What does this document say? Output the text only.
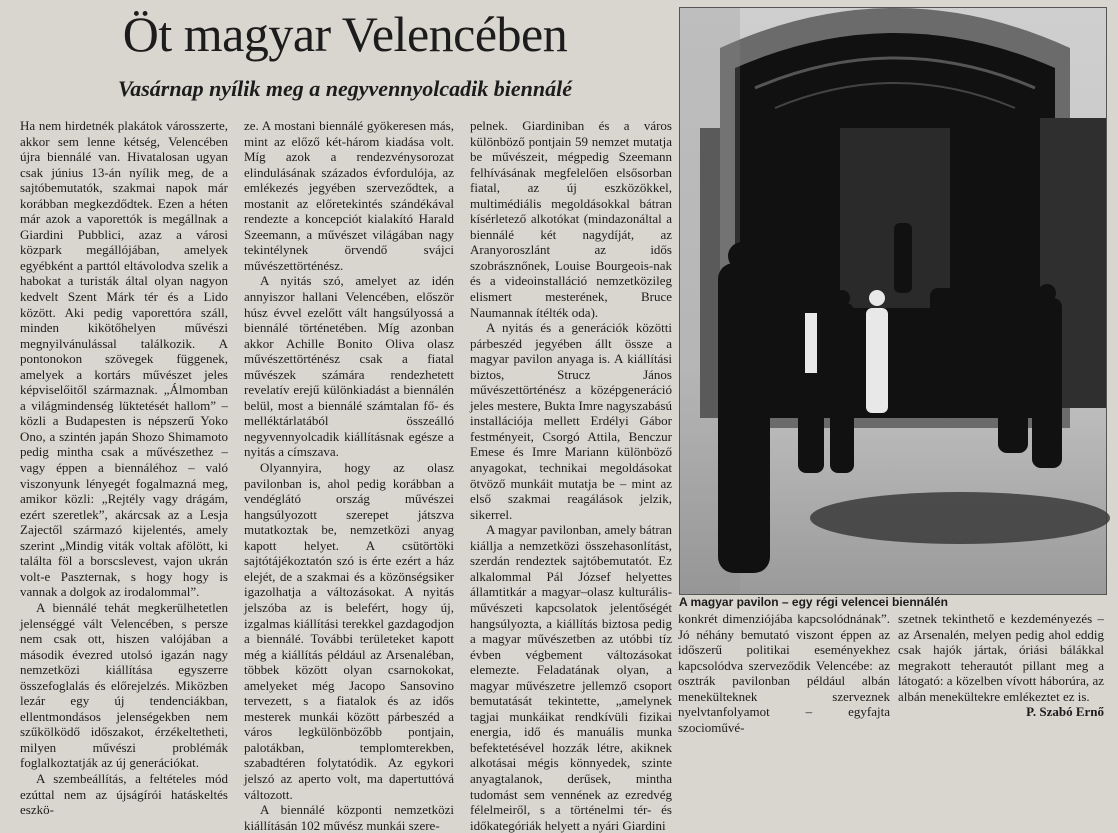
Öt magyar Velencében
Vasárnap nyílik meg a negyvennyolcadik biennálé

Ha nem hirdetnék plakátok városszerte, akkor sem lenne kétség, Velencében újra biennálé van. Hivatalosan ugyan csak június 13-án nyílik meg, de a sajtóbemutatók, szakmai napok már korábban megkezdődtek. Ezen a héten már azok a vaporettók is megállnak a Giardini Pubblici, azaz a városi közpark megállójában, amelyek egyébként a parttól eltávolodva szelik a habokat a turisták által olyan nagyon kedvelt Szent Márk tér és a Lido között. Aki pedig vaporettóra száll, minden kikötőhelyen művészi megnyilvánulással találkozik. A pontonokon szövegek függenek, amelyek a kortárs művészet jeles képviselőitől származnak. „Álmomban a világmindenség lüktetését hallom” – közli a Budapesten is népszerű Yoko Ono, a szintén japán Shozo Shimamoto pedig mintha csak a művészethez – vagy éppen a biennáléhoz – való viszonyunk lényegét fogalmazná meg, amikor közli: „Rejtély vagy drágám, ezért szeretlek”, akárcsak az a Lesja Zajectől származó kijelentés, amely szerint „Mindig viták voltak afölött, ki találta föl a borscslevest, vajon ukrán volt-e Paszternak, s hogy hogy is vannak a dolgok az irodalommal”.

A biennálé tehát megkerülhetetlen jelenséggé vált Velencében, s persze nem csak ott, hiszen valójában a második évezred utolsó igazán nagy nemzetközi kiállítása egyszerre összefoglalás és előrejelzés. Miközben lezár egy új tendenciákban, ellentmondásos jelenségekben nem szűkölködő időszakot, érzékeltetheti, milyen művészi problémák foglalkoztatják az új generációkat.

A szembeállítás, a feltételes mód ezúttal nem az újságírói hatáskeltés eszkö-

ze. A mostani biennálé gyökeresen más, mint az előző két-három kiadása volt. Míg azok a rendezvénysorozat elindulásának százados évfordulója, az emlékezés jegyében szerveződtek, a mostanit az előretekintés szándékával rendezte a koncepciót kialakító Harald Szeemann, a művészet világában nagy tekintélynek örvendő svájci művészettörténész.

A nyitás szó, amelyet az idén annyiszor hallani Velencében, először húsz évvel ezelőtt vált hangsúlyossá a biennálé történetében. Míg azonban akkor Achille Bonito Oliva olasz művészettörténész csak a fiatal művészek számára rendezhetett revelatív erejű különkiadást a biennálén belül, most a biennálé számtalan fő- és melléktárlatából összeálló negyvennyolcadik kiállításnak egésze a nyitás a címszava.

Olyannyira, hogy az olasz pavilonban is, ahol pedig korábban a vendéglátó ország művészei hangsúlyozott szerepet játszva mutatkoztak be, nemzetközi anyag kapott helyet. A csütörtöki sajtótájékoztatón szó is érte ezért a ház elejét, de a szakmai és a közönségsiker igazolhatja a változásokat. A nyitás jelszóba az is belefért, hogy új, izgalmas kiállítási terekkel gazdagodjon a biennálé. További területeket kapott még a kiállítás például az Arsenaléban, többek között olyan csarnokokat, amelyeket még Jacopo Sansovino tervezett, s a fiatalok és az idős mesterek munkái között párbeszéd a város legkülönbözőbb pontjain, palotákban, templomterekben, szabadtéren folytatódik. Az egykori jelszó az aperto volt, ma dapertuttóvá változott.

A biennálé központi nemzetközi kiállításán 102 művész munkái szere-

pelnek. Giardiniban és a város különböző pontjain 59 nemzet mutatja be művészeit, mégpedig Szeemann felhívásának megfelelően elsősorban fiatal, az új eszközökkel, multimédiális megoldásokkal bátran kísérletező alkotókat (mindazonáltal a biennálé két nagydíját, az Aranyoroszlánt az idős szobrásznőnek, Louise Bourgeois-nak és a videoinstalláció nemzetközileg elismert mesterének, Bruce Naumannak ítélték oda).

A nyitás és a generációk közötti párbeszéd jegyében állt össze a magyar pavilon anyaga is. A kiállítási biztos, Strucz János művészettörténész a középgeneráció jeles mestere, Bukta Imre nagyszabású installációja mellett Erdélyi Gábor festményeit, Csorgó Attila, Benczur Emese és Imre Mariann különböző anyagokat, technikai megoldásokat ötvöző munkáit mutatja be – mint az első szakmai reagálások jelzik, sikerrel.

A magyar pavilonban, amely bátran kiállja a nemzetközi összehasonlítást, szerdán rendeztek sajtóbemutatót. Ez alkalommal Pál József helyettes államtitkár a magyar–olasz kulturális-művészeti kapcsolatok jelentőségét hangsúlyozta, a kiállítás biztosa pedig a magyar művészetben az utóbbi tíz évben végbement változásokat elemezte. Feladatának olyan, a magyar művészetre jellemző csoport bemutatását tekintette, „amelynek tagjai munkáikat rendkívüli fizikai energia, idő és manuális munka befektetésével hozzák létre, akiknek alkotásai mégis könnyedek, szinte anyagtalanok, derűsek, mintha tudomást sem vennének az ezredvég félelmeiről, s a történelmi tér- és időkategóriák helyett a nyári Giardini

A magyar pavilon – egy régi velencei biennálén

konkrét dimenziójába kapcsolódnának”. Jó néhány bemutató viszont éppen az időszerű politikai eseményekhez kapcsolódva szerveződik Velencébe: az osztrák pavilonban például albán menekülteknek szerveznek nyelvtanfolyamot – egyfajta szocioművé-

szetnek tekinthető e kezdeményezés – az Arsenalén, melyen pedig ahol eddig csak hajók jártak, óriási bálákkal megrakott teherautót pillant meg a látogató: a közelben vívott háborúra, az albán menekültekre emlékeztet ez is.

P. Szabó Ernő
